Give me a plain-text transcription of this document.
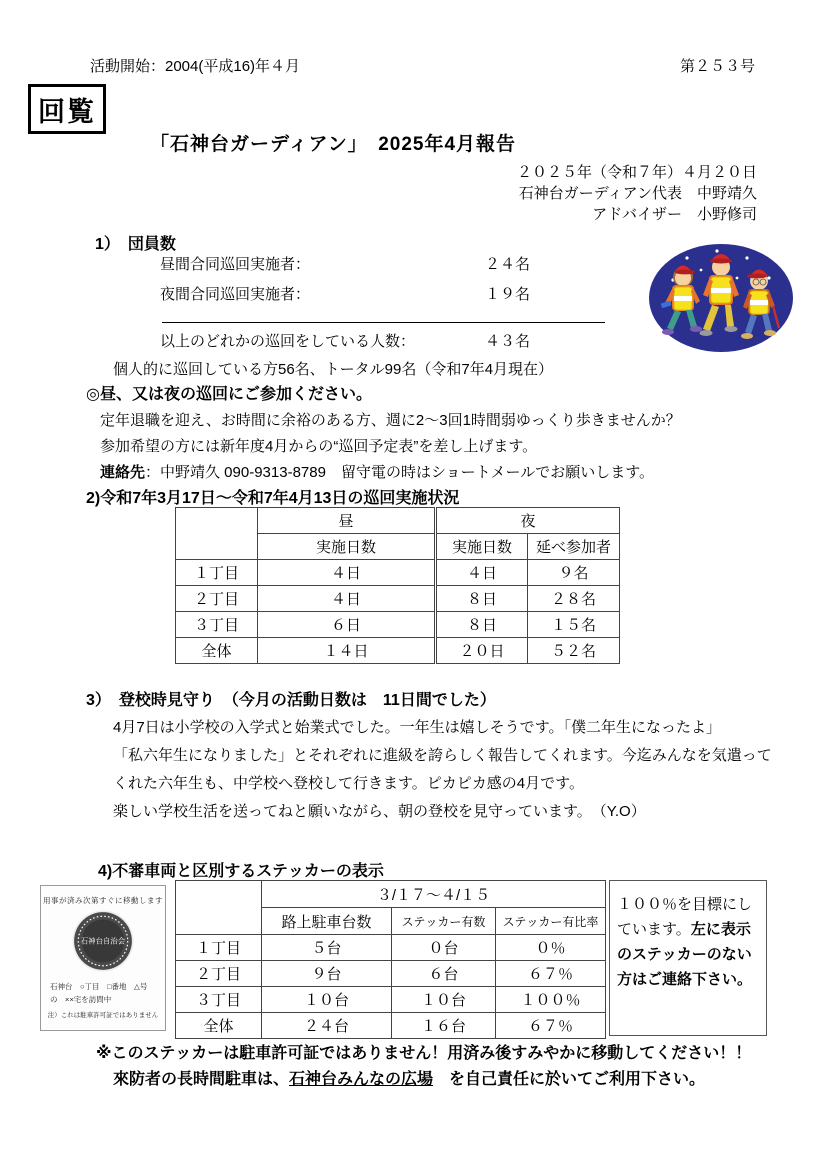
活動開始：2004(平成16)年４月	第２５３号
回覧
「石神台ガーディアン」　2025年4月報告
２０２５年（令和７年）４月２０日
石神台ガーディアン代表　中野靖久
アドバイザー　小野修司
1）　団員数
昼間合同巡回実施者：	２４名
夜間合同巡回実施者：	１９名
以上のどれかの巡回をしている人数：	４３名
個人的に巡回している方56名、トータル99名（令和7年4月現在）
◎昼、又は夜の巡回にご参加ください。
定年退職を迎え、お時間に余裕のある方、週に2～3回1時間弱ゆっくり歩きませんか？
参加希望の方には新年度4月からの“巡回予定表”を差し上げます。
連絡先：中野靖久 090-9313-8789　留守電の時はショートメールでお願いします。
2)令和7年3月17日～令和7年4月13日の巡回実施状況
	昼	夜	
	実施日数	実施日数	延べ参加者
１丁目	４日	４日	９名
２丁目	４日	８日	２８名
３丁目	６日	８日	１５名
全体	１４日	２０日	５２名
3）　登校時見守り　（今月の活動日数は　11日間でした）
4月7日は小学校の入学式と始業式でした。一年生は嬉しそうです。「僕二年生になったよ」
「私六年生になりました」とそれぞれに進級を誇らしく報告してくれます。今迄みんなを気遣って
くれた六年生も、中学校へ登校して行きます。ピカピカ感の4月です。
楽しい学校生活を送ってねと願いながら、朝の登校を見守っています。　（Y.O）
4)不審車両と区別するステッカーの表示
用事が済み次第すぐに移動します
石神台自治会
石神台　○丁目　□番地　△号
の　××宅を訪問中
注）これは駐車許可証ではありません
	３/１７～４/１５		
	路上駐車台数	ステッカー有数	ステッカー有比率
１丁目	５台	０台	０％
２丁目	９台	６台	６７％
３丁目	１０台	１０台	１００％
全体	２４台	１６台	６７％
１００％を目標にしています。左に表示のステッカーのない方はご連絡下さい。
※このステッカーは駐車許可証ではありません！用済み後すみやかに移動してください！！
來防者の長時間駐車は、石神台みんなの広場　を自己責任に於いてご利用下さい。
